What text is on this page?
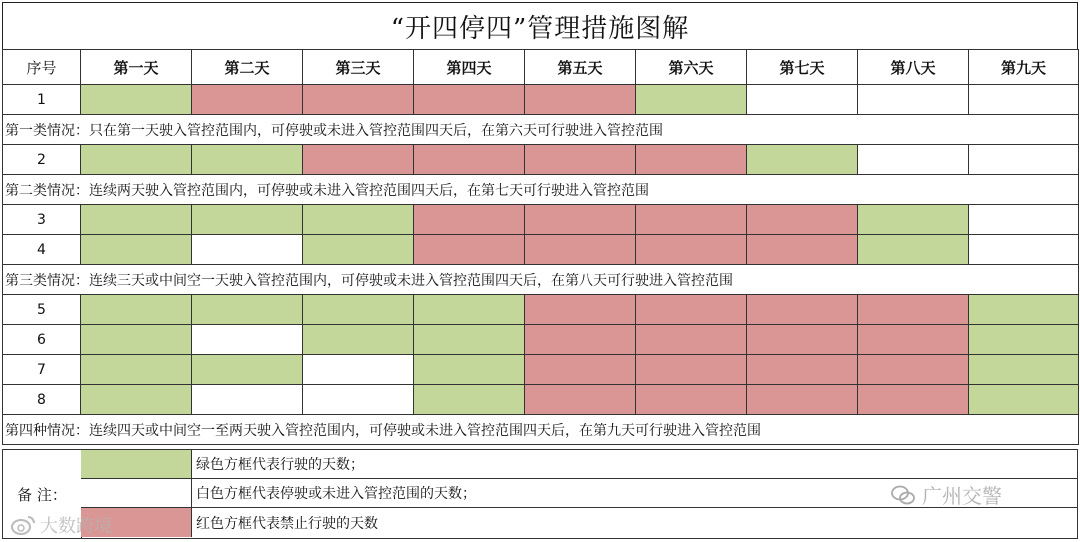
“开四停四”管理措施图解
序号	第一天	第二天	第三天	第四天	第五天	第六天	第七天	第八天	第九天
1									
第一类情况：只在第一天驶入管控范围内，可停驶或未进入管控范围四天后，在第六天可行驶进入管控范围									
2									
第二类情况：连续两天驶入管控范围内，可停驶或未进入管控范围四天后，在第七天可行驶进入管控范围									
3									
4									
第三类情况：连续三天或中间空一天驶入管控范围内，可停驶或未进入管控范围四天后，在第八天可行驶进入管控范围									
5									
6									
7									
8									
第四种情况：连续四天或中间空一至两天驶入管控范围内，可停驶或未进入管控范围四天后，在第九天可行驶进入管控范围									
备 注：
绿色方框代表行驶的天数；
白色方框代表停驶或未进入管控范围的天数；
红色方框代表禁止行驶的天数
大数跨境
广州交警
